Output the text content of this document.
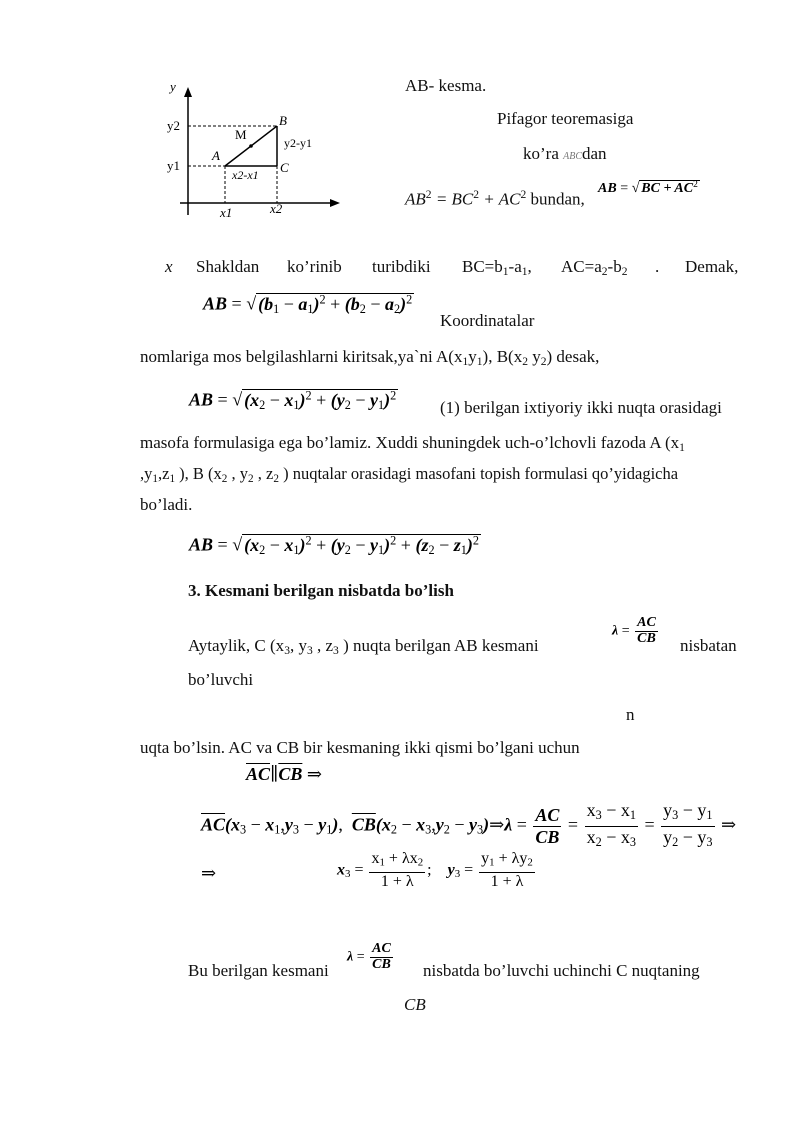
y
y2
y1
x1	x2
B
M
A
C
y2-y1
x2-x1
AB- kesma.
Pifagor teoremasiga
ko’ra ABCdan
$AB^2 = BC^2 + AC^2$ bundan,
AB = √ BC + $AC^2$
x Shakldan ko’rinib turibdiki $BC=b_1-a_1$, $AC=a_2-b_2$ . Demak,
AB = √ $(b_1 - a_1)^2 + (b_2 - a_2)^2$
Koordinatalar
nomlariga mos belgilashlarni kiritsak,ya`ni $A(x_1y_1)$, $B(x_2$ $y_2$) desak,
AB = √ $(x_2 - x_1)^2 + (y_2 - y_1)^2$
(1) berilgan ixtiyoriy ikki nuqta orasidagi
masofa formulasiga ega bo’lamiz. Xuddi shuningdek uch-o’lchovli fazoda A ($x_1$
$,y_1,z_1$ ), B ($x_2$ , $y_2$ , $z_2$ ) nuqtalar orasidagi masofani topish formulasi qo’yidagicha
bo’ladi.
AB = √ $(x_2 - x_1)^2 + (y_2 - y_1)^2 + (z_2 - z_1)^2$
3. Kesmani berilgan nisbatda bo’lish
Aytaylik, C ($x_3$, $y_3$ , $z_3$ ) nuqta berilgan AB kesmani
$\lambda = \frac{AC}{CB}$ nisbatan
bo’luvchi
n
uqta bo’lsin. AC va CB bir kesmaning ikki qismi bo’lgani uchun
$\overline{AC}\parallel\overline{CB}$ ⇒
$\overline{AC}(x_3 - x_1,y_3 - y_1)$, $\overline{CB}(x_2 - x_3,y_2$ − $y_3)\Rightarrow\lambda = \frac{AC}{CB} = \frac{x_3 - x_1}{x_2 - x_3} = \frac{y_3 - y_1}{y_2 - y_3}$ ⇒
⇒	$x_3 = \frac{x_1 + \lambda x_2}{1 + \lambda}$ ; $y_3 = \frac{y_1 + \lambda y_2}{1 + \lambda}$
Bu berilgan kesmani
$\lambda = \frac{AC}{CB}$ nisbatda bo’luvchi uchinchi C nuqtaning
CB
